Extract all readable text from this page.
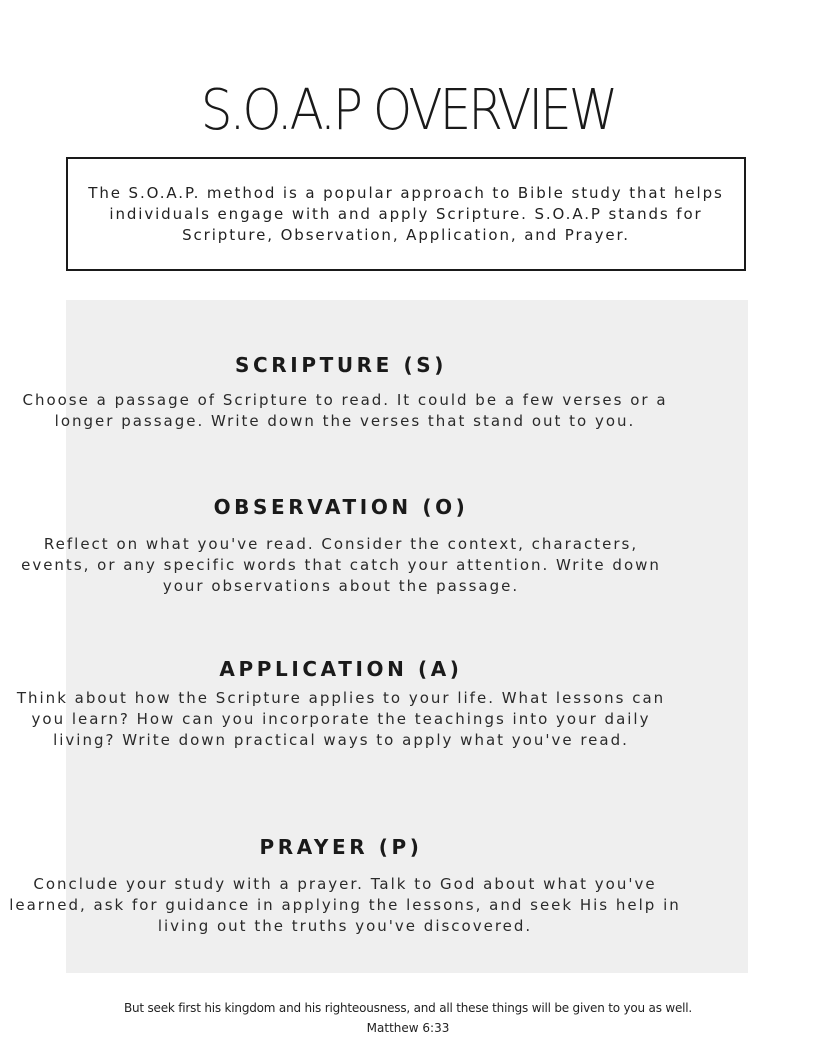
S.O.A.P OVERVIEW

The S.O.A.P. method is a popular approach to Bible study that helps individuals engage with and apply Scripture. S.O.A.P stands for Scripture, Observation, Application, and Prayer.

SCRIPTURE (S)

Choose a passage of Scripture to read. It could be a few verses or a longer passage. Write down the verses that stand out to you.

OBSERVATION (O)

Reflect on what you've read. Consider the context, characters, events, or any specific words that catch your attention. Write down your observations about the passage.

APPLICATION (A)

Think about how the Scripture applies to your life. What lessons can you learn? How can you incorporate the teachings into your daily living? Write down practical ways to apply what you've read.

PRAYER (P)

Conclude your study with a prayer. Talk to God about what you've learned, ask for guidance in applying the lessons, and seek His help in living out the truths you've discovered.

But seek first his kingdom and his righteousness, and all these things will be given to you as well.
Matthew 6:33
